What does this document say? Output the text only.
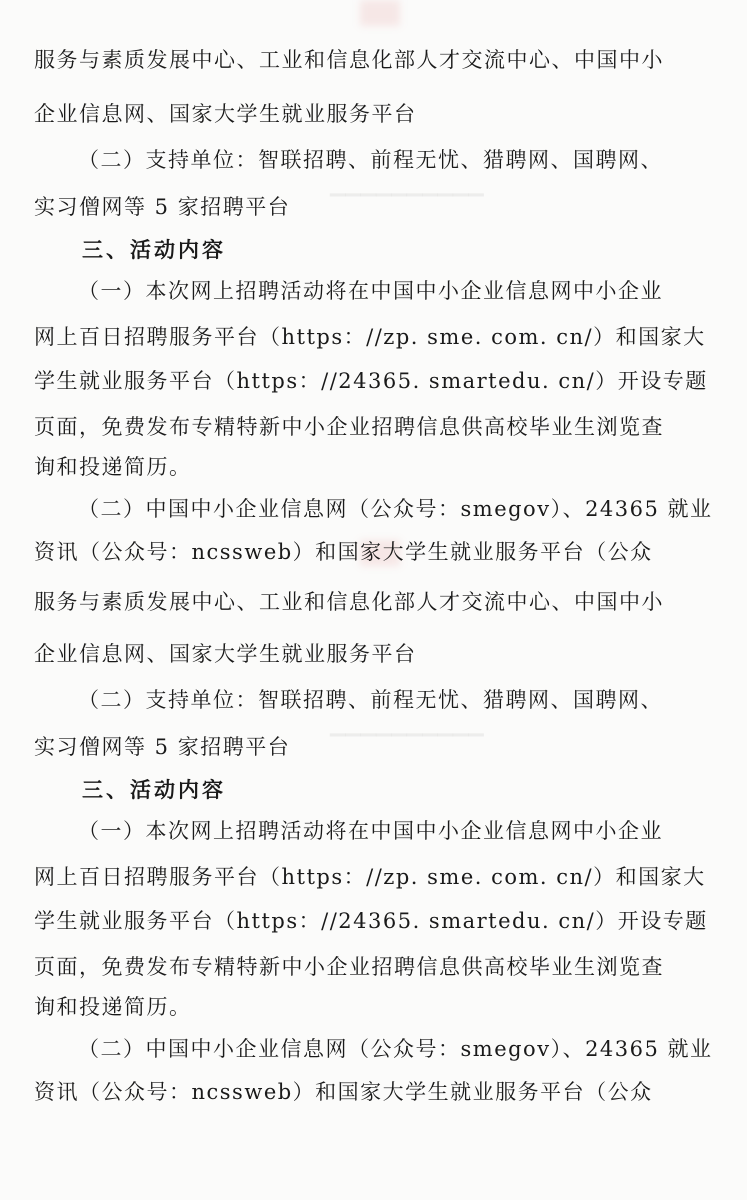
▔▔▔▔▔▔▔▔▔▔
▔▔▔▔▔▔▔▔▔▔
服务与素质发展中心、工业和信息化部人才交流中心、中国中小
企业信息网、国家大学生就业服务平台
（二）支持单位：智联招聘、前程无忧、猎聘网、国聘网、
实习僧网等 5 家招聘平台
三、活动内容
（一）本次网上招聘活动将在中国中小企业信息网中小企业
网上百日招聘服务平台（https：//zp. sme. com. cn/）和国家大
学生就业服务平台（https：//24365. smartedu. cn/）开设专题
页面，免费发布专精特新中小企业招聘信息供高校毕业生浏览查
询和投递简历。
（二）中国中小企业信息网（公众号：smegov）、24365 就业
资讯（公众号：ncssweb）和国家大学生就业服务平台（公众
服务与素质发展中心、工业和信息化部人才交流中心、中国中小
企业信息网、国家大学生就业服务平台
（二）支持单位：智联招聘、前程无忧、猎聘网、国聘网、
实习僧网等 5 家招聘平台
三、活动内容
（一）本次网上招聘活动将在中国中小企业信息网中小企业
网上百日招聘服务平台（https：//zp. sme. com. cn/）和国家大
学生就业服务平台（https：//24365. smartedu. cn/）开设专题
页面，免费发布专精特新中小企业招聘信息供高校毕业生浏览查
询和投递简历。
（二）中国中小企业信息网（公众号：smegov）、24365 就业
资讯（公众号：ncssweb）和国家大学生就业服务平台（公众
